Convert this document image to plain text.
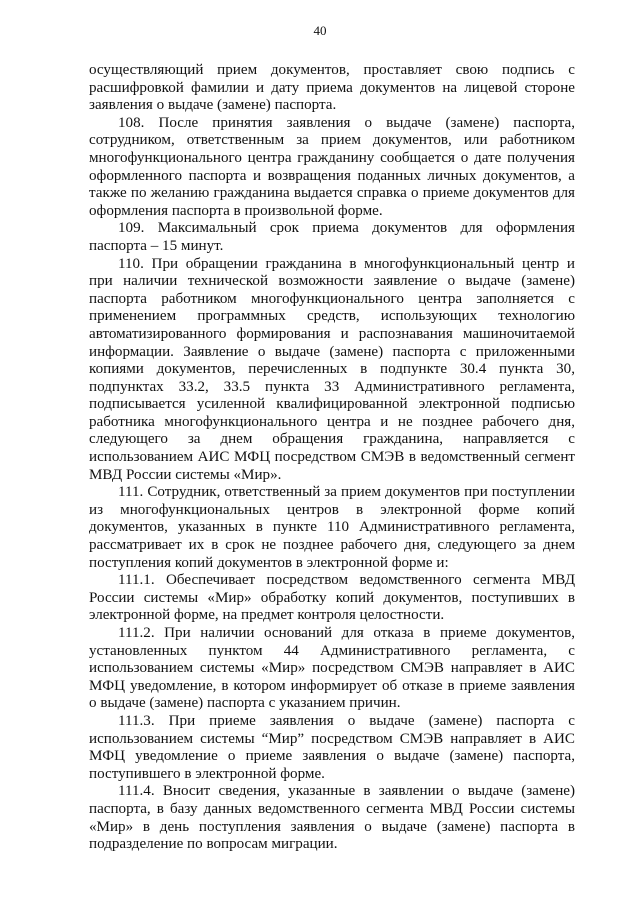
40

осуществляющий прием документов, проставляет свою подпись с расшифровкой фамилии и дату приема документов на лицевой стороне заявления о выдаче (замене) паспорта.

108. После принятия заявления о выдаче (замене) паспорта, сотрудником, ответственным за прием документов, или работником многофункционального центра гражданину сообщается о дате получения оформленного паспорта и возвращения поданных личных документов, а также по желанию гражданина выдается справка о приеме документов для оформления паспорта в произвольной форме.

109. Максимальный срок приема документов для оформления паспорта – 15 минут.

110. При обращении гражданина в многофункциональный центр и при наличии технической возможности заявление о выдаче (замене) паспорта работником многофункционального центра заполняется с применением программных средств, использующих технологию автоматизированного формирования и распознавания машиночитаемой информации. Заявление о выдаче (замене) паспорта с приложенными копиями документов, перечисленных в подпункте 30.4 пункта 30, подпунктах 33.2, 33.5 пункта 33 Административного регламента, подписывается усиленной квалифицированной электронной подписью работника многофункционального центра и не позднее рабочего дня, следующего за днем обращения гражданина, направляется с использованием АИС МФЦ посредством СМЭВ в ведомственный сегмент МВД России системы «Мир».

111. Сотрудник, ответственный за прием документов при поступлении из многофункциональных центров в электронной форме копий документов, указанных в пункте 110 Административного регламента, рассматривает их в срок не позднее рабочего дня, следующего за днем поступления копий документов в электронной форме и:

111.1. Обеспечивает посредством ведомственного сегмента МВД России системы «Мир» обработку копий документов, поступивших в электронной форме, на предмет контроля целостности.

111.2. При наличии оснований для отказа в приеме документов, установленных пунктом 44 Административного регламента, с использованием системы «Мир» посредством СМЭВ направляет в АИС МФЦ уведомление, в котором информирует об отказе в приеме заявления о выдаче (замене) паспорта с указанием причин.

111.3. При приеме заявления о выдаче (замене) паспорта с использованием системы “Мир” посредством СМЭВ направляет в АИС МФЦ уведомление о приеме заявления о выдаче (замене) паспорта, поступившего в электронной форме.

111.4. Вносит сведения, указанные в заявлении о выдаче (замене) паспорта, в базу данных ведомственного сегмента МВД России системы «Мир» в день поступления заявления о выдаче (замене) паспорта в подразделение по вопросам миграции.
